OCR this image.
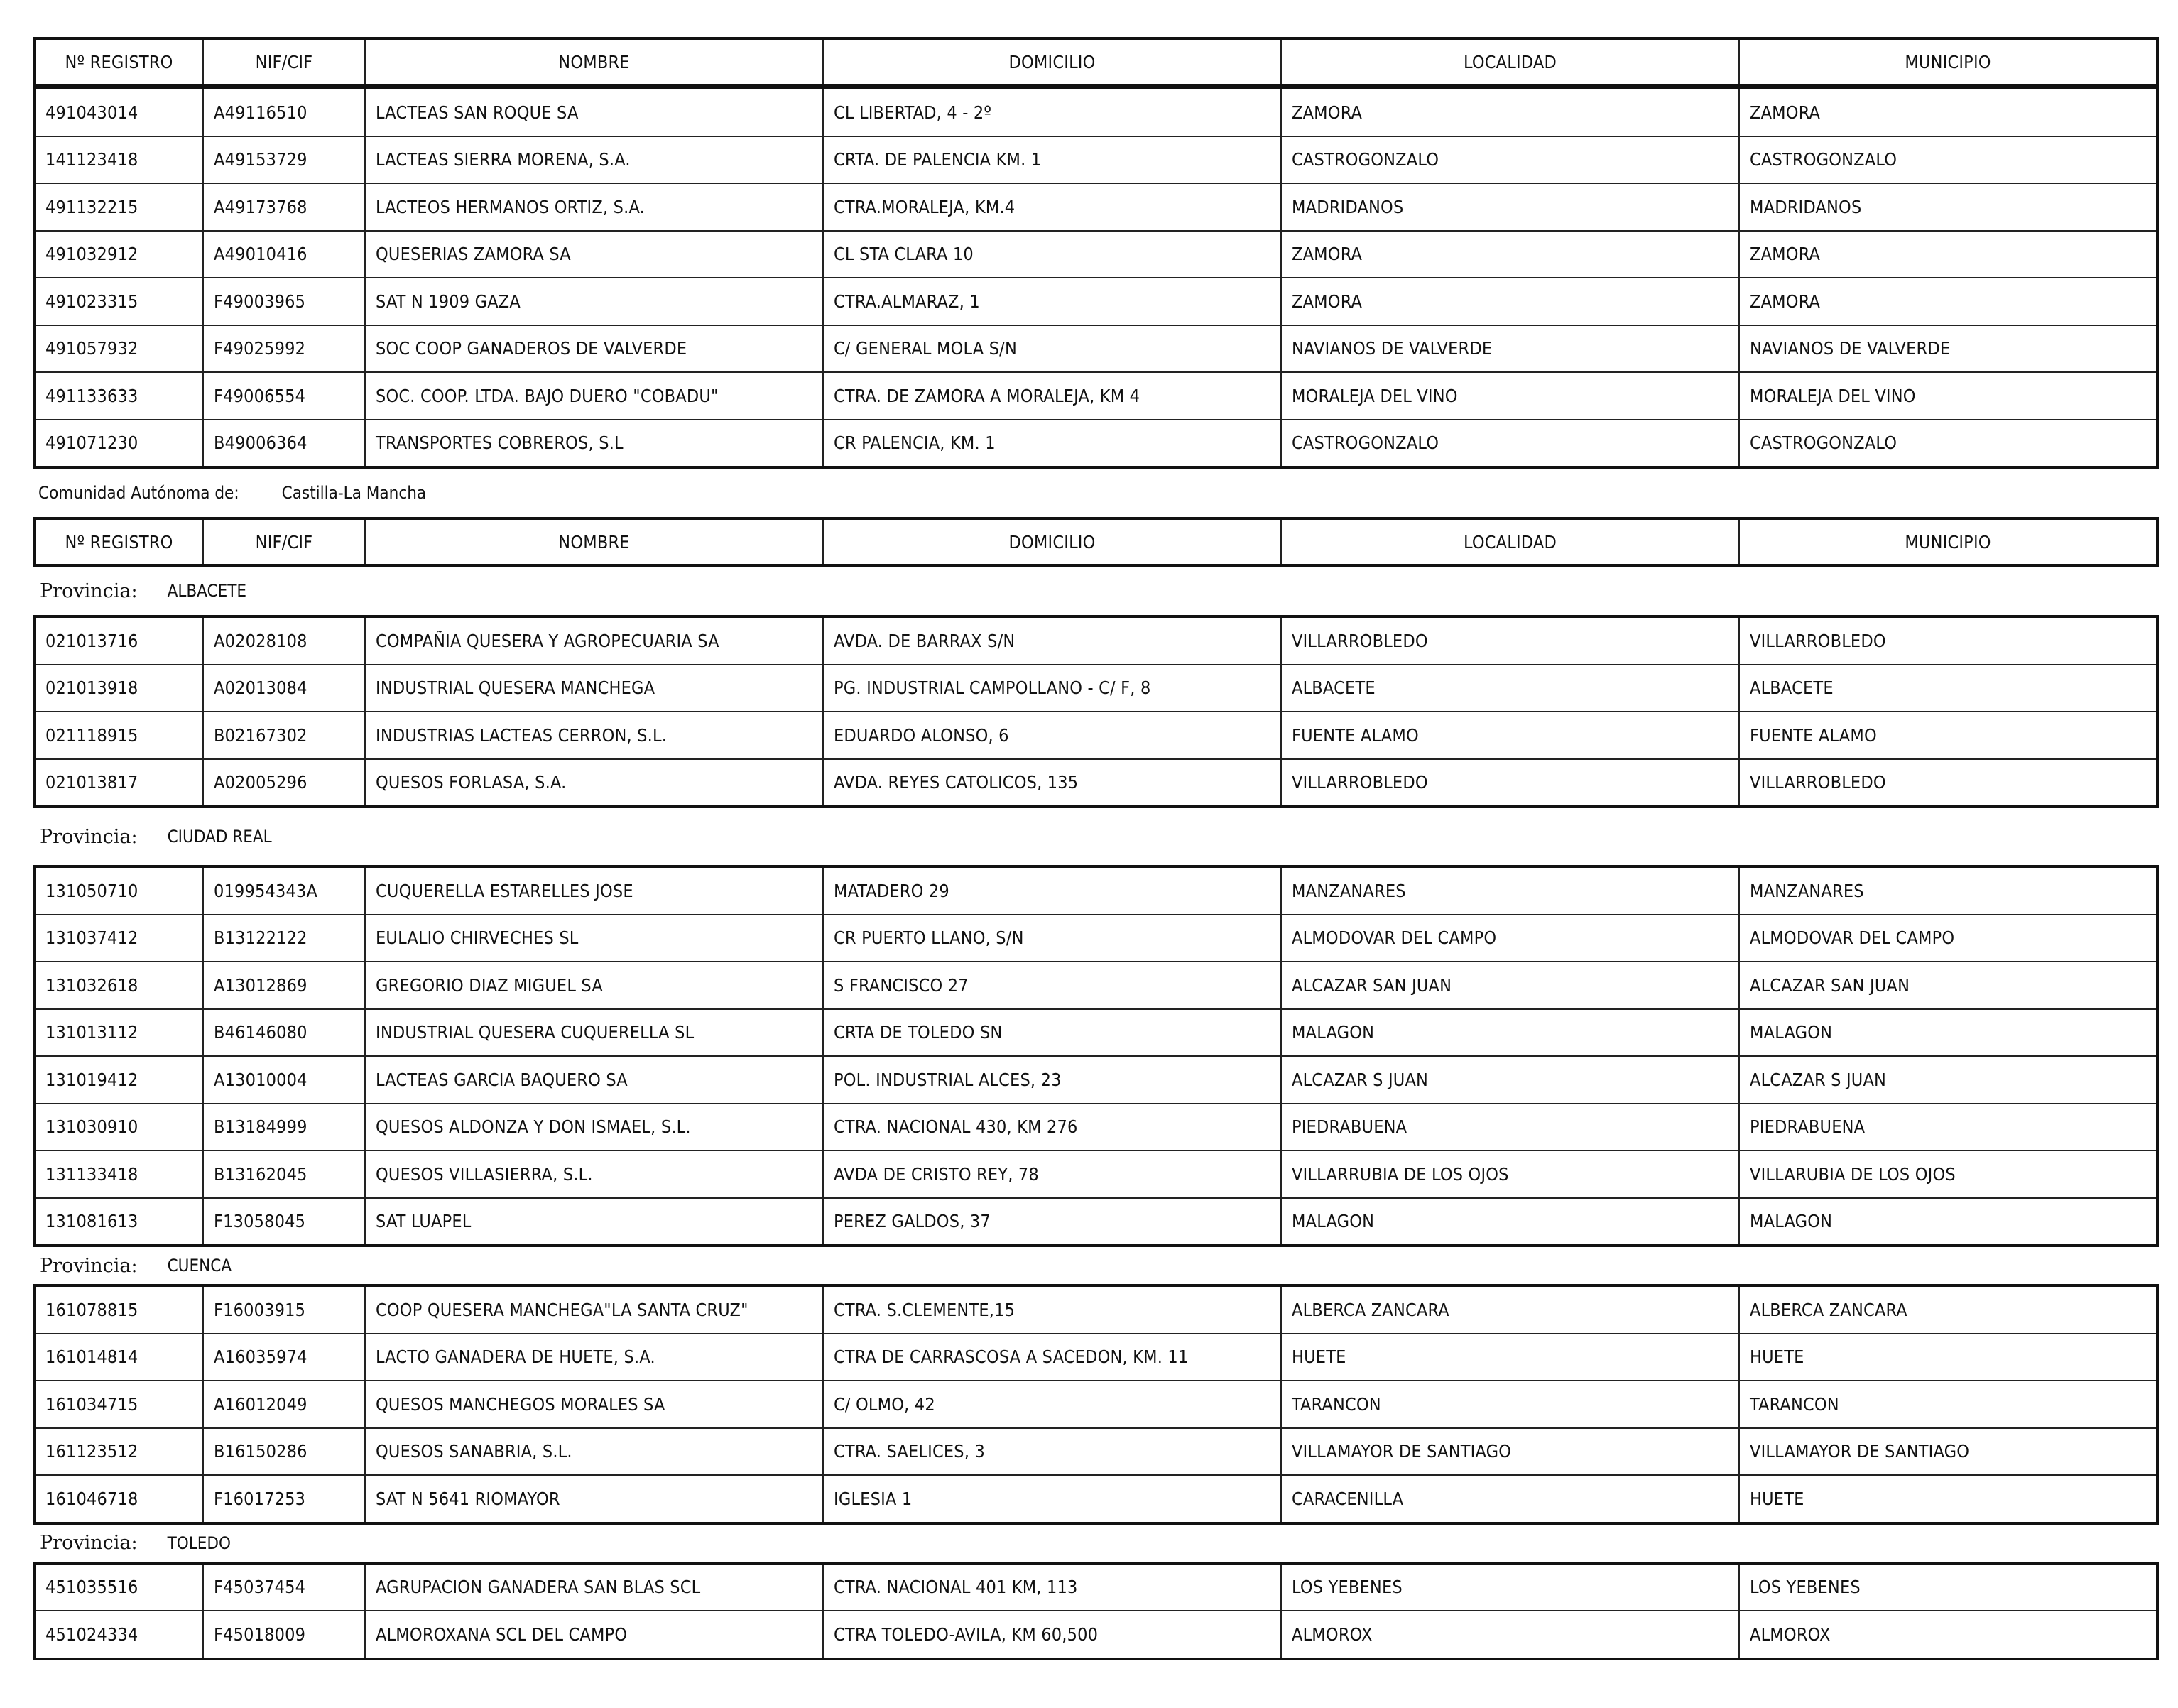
Nº REGISTRO	NIF/CIF	NOMBRE	DOMICILIO	LOCALIDAD	MUNICIPIO
491043014	A49116510	LACTEAS SAN ROQUE SA	CL LIBERTAD, 4 - 2º	ZAMORA	ZAMORA
141123418	A49153729	LACTEAS SIERRA MORENA, S.A.	CRTA. DE PALENCIA KM. 1	CASTROGONZALO	CASTROGONZALO
491132215	A49173768	LACTEOS HERMANOS ORTIZ, S.A.	CTRA.MORALEJA, KM.4	MADRIDANOS	MADRIDANOS
491032912	A49010416	QUESERIAS ZAMORA SA	CL STA CLARA 10	ZAMORA	ZAMORA
491023315	F49003965	SAT N 1909 GAZA	CTRA.ALMARAZ, 1	ZAMORA	ZAMORA
491057932	F49025992	SOC COOP GANADEROS DE VALVERDE	C/ GENERAL MOLA S/N	NAVIANOS DE VALVERDE	NAVIANOS DE VALVERDE
491133633	F49006554	SOC. COOP. LTDA. BAJO DUERO "COBADU"	CTRA. DE ZAMORA A MORALEJA, KM 4	MORALEJA DEL VINO	MORALEJA DEL VINO
491071230	B49006364	TRANSPORTES COBREROS, S.L	CR PALENCIA, KM. 1	CASTROGONZALO	CASTROGONZALO
Comunidad Autónoma de:	Castilla-La Mancha
Nº REGISTRO	NIF/CIF	NOMBRE	DOMICILIO	LOCALIDAD	MUNICIPIO
Provincia: ALBACETE
021013716	A02028108	COMPAÑIA QUESERA Y AGROPECUARIA SA	AVDA. DE BARRAX S/N	VILLARROBLEDO	VILLARROBLEDO
021013918	A02013084	INDUSTRIAL QUESERA MANCHEGA	PG. INDUSTRIAL CAMPOLLANO - C/ F, 8	ALBACETE	ALBACETE
021118915	B02167302	INDUSTRIAS LACTEAS CERRON, S.L.	EDUARDO ALONSO, 6	FUENTE ALAMO	FUENTE ALAMO
021013817	A02005296	QUESOS FORLASA, S.A.	AVDA. REYES CATOLICOS, 135	VILLARROBLEDO	VILLARROBLEDO
Provincia: CIUDAD REAL
131050710	019954343A	CUQUERELLA ESTARELLES JOSE	MATADERO 29	MANZANARES	MANZANARES
131037412	B13122122	EULALIO CHIRVECHES SL	CR PUERTO LLANO, S/N	ALMODOVAR DEL CAMPO	ALMODOVAR DEL CAMPO
131032618	A13012869	GREGORIO DIAZ MIGUEL SA	S FRANCISCO 27	ALCAZAR SAN JUAN	ALCAZAR SAN JUAN
131013112	B46146080	INDUSTRIAL QUESERA CUQUERELLA SL	CRTA DE TOLEDO SN	MALAGON	MALAGON
131019412	A13010004	LACTEAS GARCIA BAQUERO SA	POL. INDUSTRIAL ALCES, 23	ALCAZAR S JUAN	ALCAZAR S JUAN
131030910	B13184999	QUESOS ALDONZA Y DON ISMAEL, S.L.	CTRA. NACIONAL 430, KM 276	PIEDRABUENA	PIEDRABUENA
131133418	B13162045	QUESOS VILLASIERRA, S.L.	AVDA DE CRISTO REY, 78	VILLARRUBIA DE LOS OJOS	VILLARUBIA DE LOS OJOS
131081613	F13058045	SAT LUAPEL	PEREZ GALDOS, 37	MALAGON	MALAGON
Provincia: CUENCA
161078815	F16003915	COOP QUESERA MANCHEGA"LA SANTA CRUZ"	CTRA. S.CLEMENTE,15	ALBERCA ZANCARA	ALBERCA ZANCARA
161014814	A16035974	LACTO GANADERA DE HUETE, S.A.	CTRA DE CARRASCOSA A SACEDON, KM. 11	HUETE	HUETE
161034715	A16012049	QUESOS MANCHEGOS MORALES SA	C/ OLMO, 42	TARANCON	TARANCON
161123512	B16150286	QUESOS SANABRIA, S.L.	CTRA. SAELICES, 3	VILLAMAYOR DE SANTIAGO	VILLAMAYOR DE SANTIAGO
161046718	F16017253	SAT N 5641 RIOMAYOR	IGLESIA 1	CARACENILLA	HUETE
Provincia: TOLEDO
451035516	F45037454	AGRUPACION GANADERA SAN BLAS SCL	CTRA. NACIONAL 401 KM, 113	LOS YEBENES	LOS YEBENES
451024334	F45018009	ALMOROXANA SCL DEL CAMPO	CTRA TOLEDO-AVILA, KM 60,500	ALMOROX	ALMOROX
